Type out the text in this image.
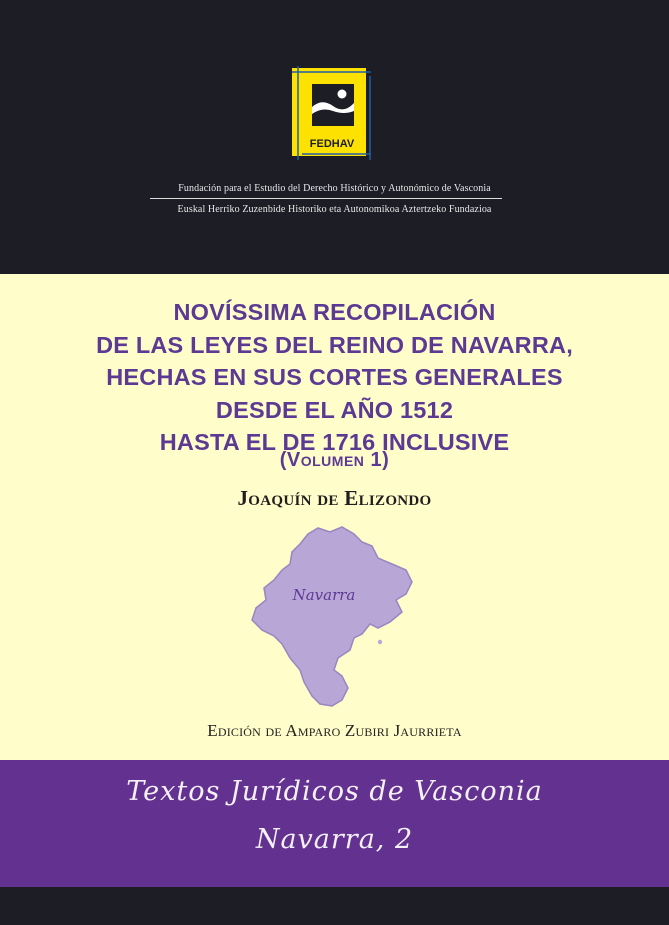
FEDHAV
Fundación para el Estudio del Derecho Histórico y Autonómico de Vasconia
Euskal Herriko Zuzenbide Historiko eta Autonomikoa Aztertzeko Fundazioa
NOVÍSSIMA RECOPILACIÓN
DE LAS LEYES DEL REINO DE NAVARRA,
HECHAS EN SUS CORTES GENERALES
DESDE EL AÑO 1512
HASTA EL DE 1716 INCLUSIVE
(Volumen 1)
Joaquín de Elizondo
Navarra
Edición de Amparo Zubiri Jaurrieta
Textos Jurídicos de Vasconia
Navarra, 2
